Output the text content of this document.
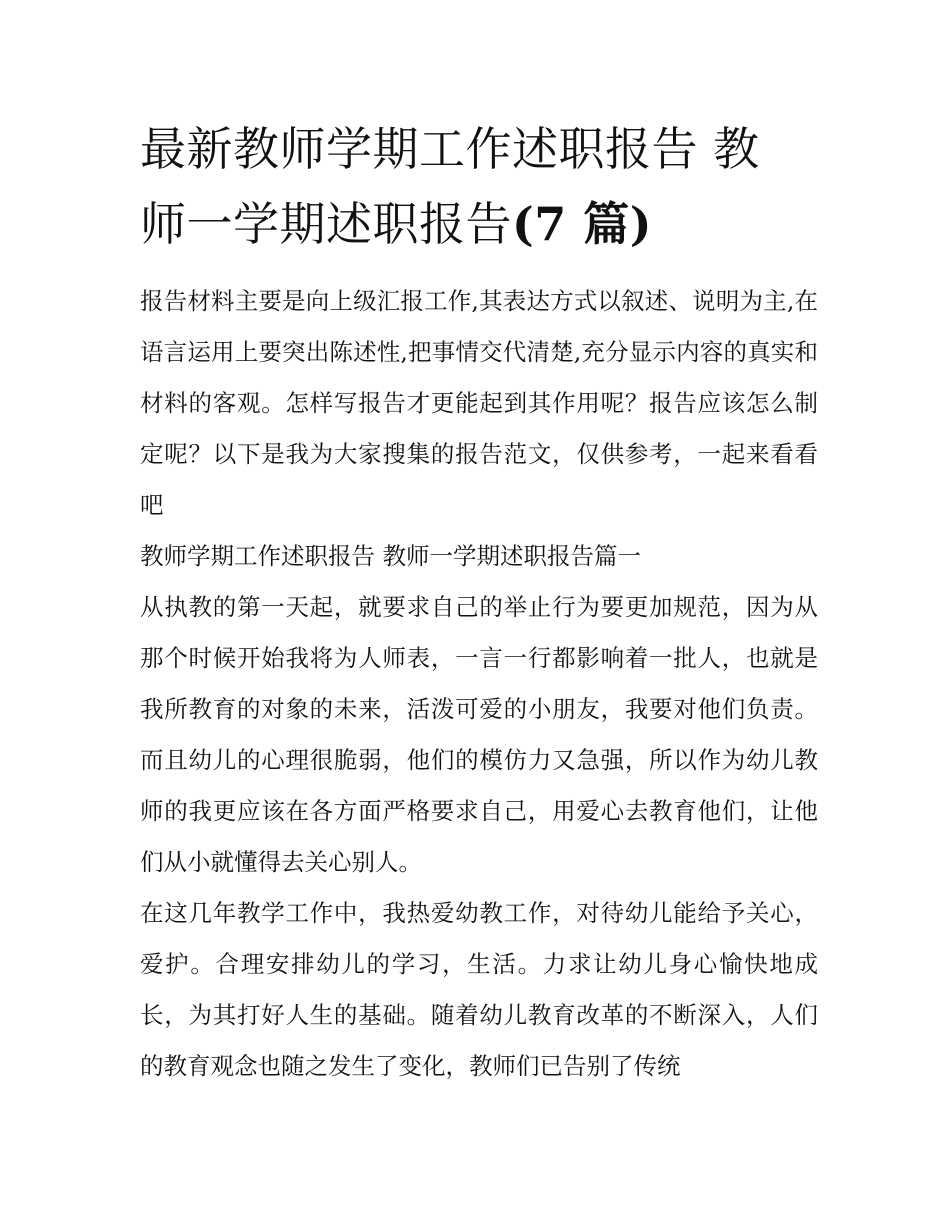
最新教师学期工作述职报告 教
师一学期述职报告(7 篇)

报告材料主要是向上级汇报工作,其表达方式以叙述、说明为主,在语言运用上要突出陈述性,把事情交代清楚,充分显示内容的真实和材料的客观。怎样写报告才更能起到其作用呢？报告应该怎么制定呢？以下是我为大家搜集的报告范文，仅供参考，一起来看看吧

教师学期工作述职报告 教师一学期述职报告篇一

从执教的第一天起，就要求自己的举止行为要更加规范，因为从那个时候开始我将为人师表，一言一行都影响着一批人，也就是我所教育的对象的未来，活泼可爱的小朋友，我要对他们负责。而且幼儿的心理很脆弱，他们的模仿力又急强，所以作为幼儿教师的我更应该在各方面严格要求自己，用爱心去教育他们，让他们从小就懂得去关心别人。

在这几年教学工作中，我热爱幼教工作，对待幼儿能给予关心，爱护。合理安排幼儿的学习，生活。力求让幼儿身心愉快地成长，为其打好人生的基础。随着幼儿教育改革的不断深入，人们的教育观念也随之发生了变化，教师们已告别了传统
